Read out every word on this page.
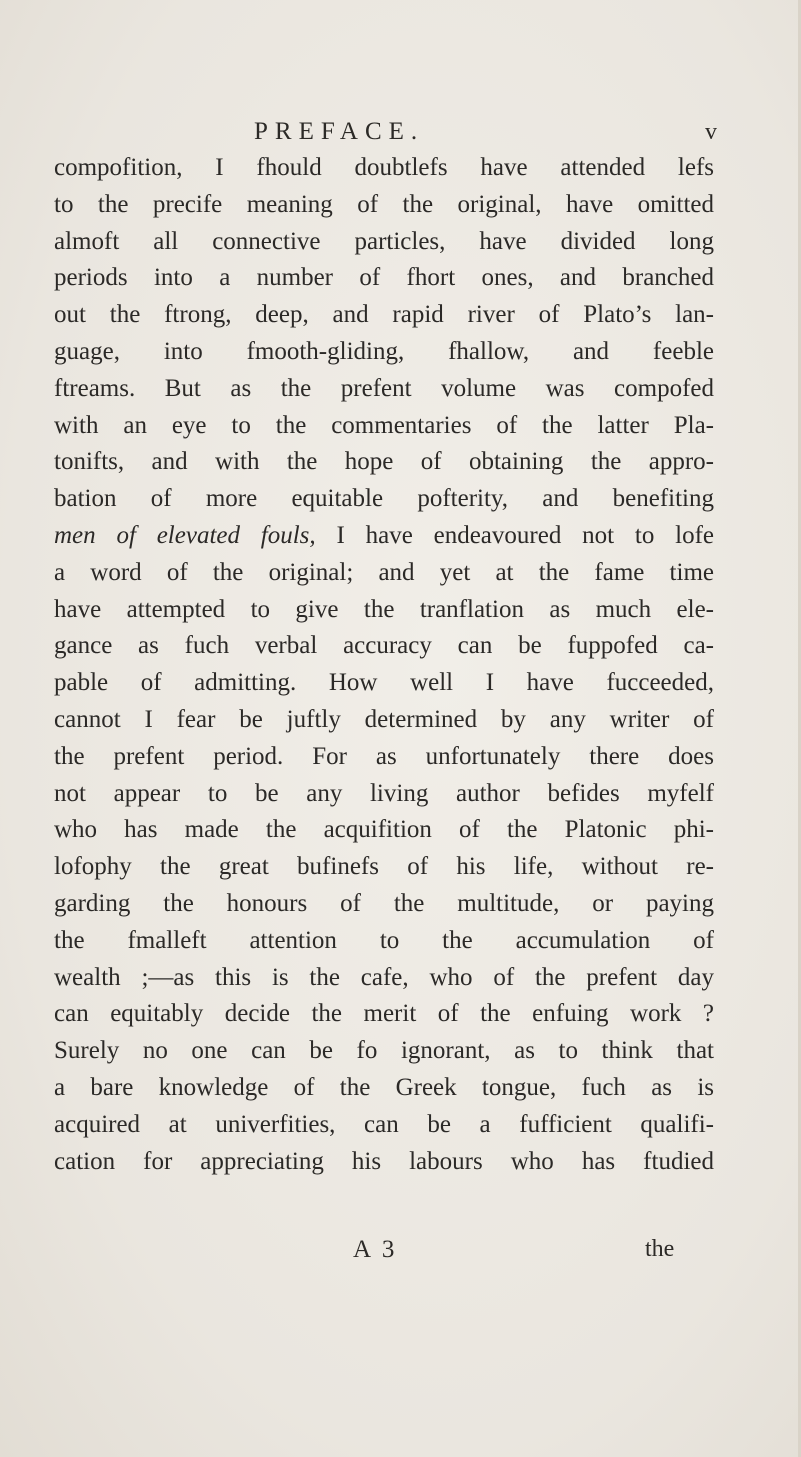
PREFACE.	v
compofition, I fhould doubtlefs have attended lefs
to the precife meaning of the original, have omitted
almoft all connective particles, have divided long
periods into a number of fhort ones, and branched
out the ftrong, deep, and rapid river of Plato’s lan-
guage, into fmooth-gliding, fhallow, and feeble
ftreams. But as the prefent volume was compofed
with an eye to the commentaries of the latter Pla-
tonifts, and with the hope of obtaining the appro-
bation of more equitable pofterity, and benefiting
men of elevated fouls, I have endeavoured not to lofe
a word of the original; and yet at the fame time
have attempted to give the tranflation as much ele-
gance as fuch verbal accuracy can be fuppofed ca-
pable of admitting. How well I have fucceeded,
cannot I fear be juftly determined by any writer of
the prefent period. For as unfortunately there does
not appear to be any living author befides myfelf
who has made the acquifition of the Platonic phi-
lofophy the great bufinefs of his life, without re-
garding the honours of the multitude, or paying
the fmalleft attention to the accumulation of
wealth ;—as this is the cafe, who of the prefent day
can equitably decide the merit of the enfuing work ?
Surely no one can be fo ignorant, as to think that
a bare knowledge of the Greek tongue, fuch as is
acquired at univerfities, can be a fufficient qualifi-
cation for appreciating his labours who has ftudied
A 3	the
